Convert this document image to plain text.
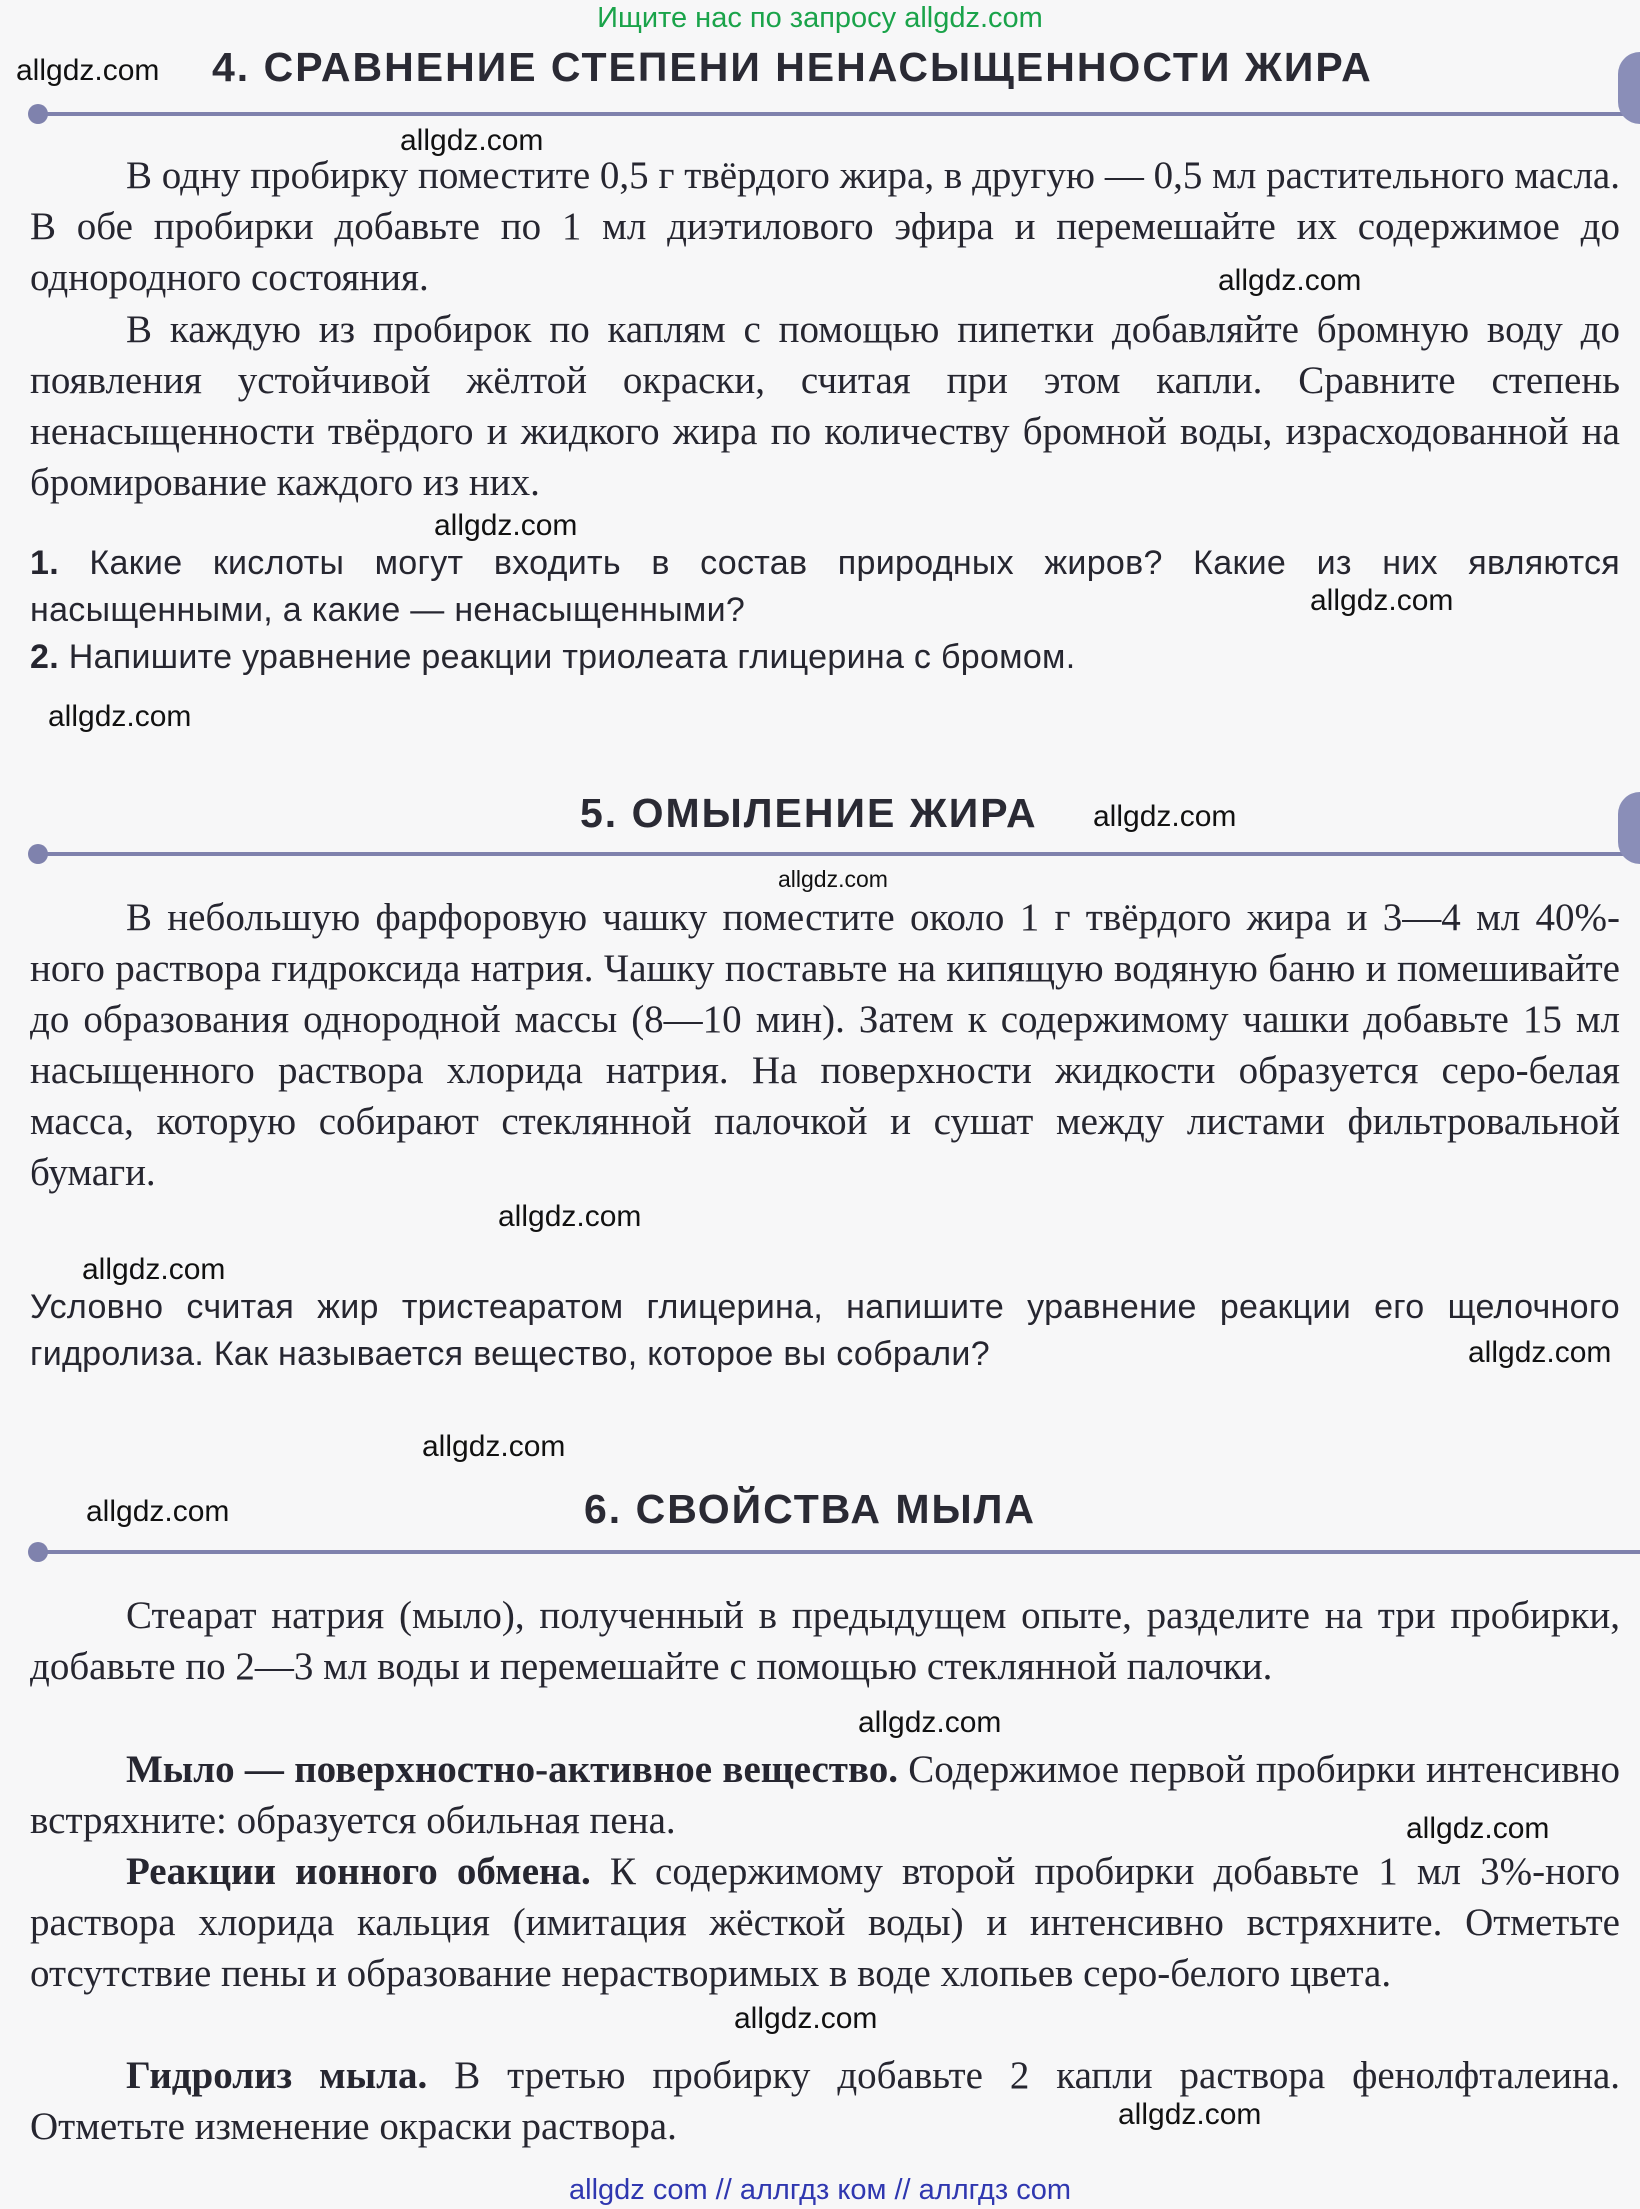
Ищите нас по запросу allgdz.com
allgdz.com 4. СРАВНЕНИЕ СТЕПЕНИ НЕНАСЫЩЕННОСТИ ЖИРА
allgdz.com

В одну пробирку поместите 0,5 г твёрдого жира, в другую — 0,5 мл растительного масла. В обе пробирки добавьте по 1 мл диэтилового эфира и перемешайте их содержимое до однородного состояния.	allgdz.com

В каждую из пробирок по каплям с помощью пипетки добавляйте бромную воду до появления устойчивой жёлтой окраски, считая при этом капли. Сравните степень ненасыщенности твёрдого и жидкого жира по количеству бромной воды, израсходованной на бромирование каждого из них.

allgdz.com

1. Какие кислоты могут входить в состав природных жиров? Какие из них являются насыщенными, а какие — ненасыщенными?	allgdz.com

2. Напишите уравнение реакции триолеата глицерина с бромом.

allgdz.com
5. ОМЫЛЕНИЕ ЖИРА allgdz.com
allgdz.com

В небольшую фарфоровую чашку поместите около 1 г твёрдого жира и 3—4 мл 40%-ного раствора гидроксида натрия. Чашку поставьте на кипящую водяную баню и помешивайте до образования однородной массы (8—10 мин). Затем к содержимому чашки добавьте 15 мл насыщенного раствора хлорида натрия. На поверхности жидкости образуется серо-белая масса, которую собирают стеклянной палочкой и сушат между листами фильтровальной бумаги.

allgdz.com
allgdz.com

Условно считая жир тристеаратом глицерина, напишите уравнение реакции его щелочного гидролиза. Как называется вещество, которое вы собрали?	allgdz.com
allgdz.com
allgdz.com	6. СВОЙСТВА МЫЛА

Стеарат натрия (мыло), полученный в предыдущем опыте, разделите на три пробирки, добавьте по 2—3 мл воды и перемешайте с помощью стеклянной палочки.

allgdz.com

Мыло — поверхностно-активное вещество. Содержимое первой пробирки интенсивно встряхните: образуется обильная пена.	allgdz.com

Реакции ионного обмена. К содержимому второй пробирки добавьте 1 мл 3%-ного раствора хлорида кальция (имитация жёсткой воды) и интенсивно встряхните. Отметьте отсутствие пены и образование нерастворимых в воде хлопьев серо-белого цвета.

allgdz.com

Гидролиз мыла. В третью пробирку добавьте 2 капли раствора фенолфталеина. Отметьте изменение окраски раствора.	allgdz.com
allgdz com // аллгдз ком // аллгдз com
